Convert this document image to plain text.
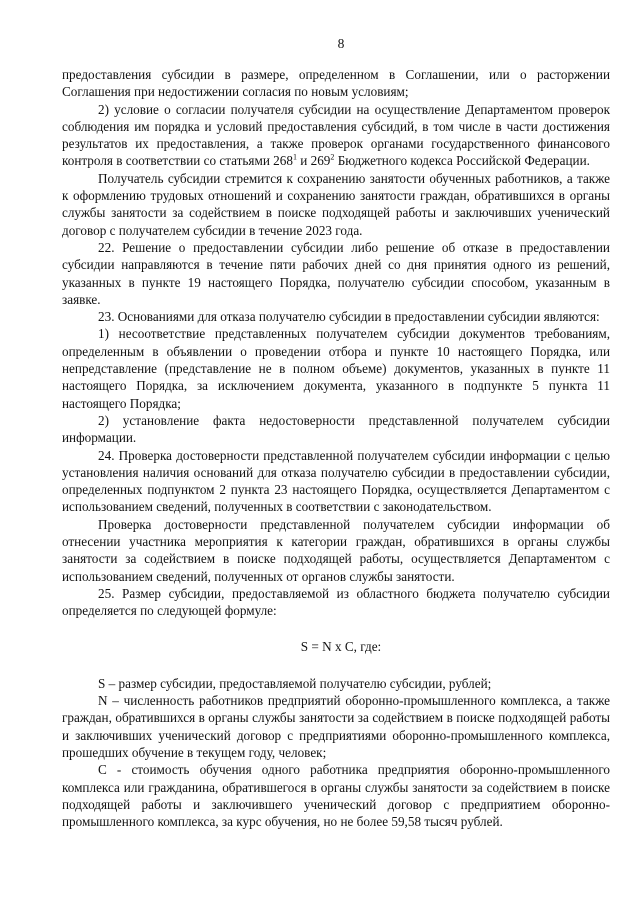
8

предоставления субсидии в размере, определенном в Соглашении, или о расторжении Соглашения при недостижении согласия по новым условиям;

2) условие о согласии получателя субсидии на осуществление Департаментом проверок соблюдения им порядка и условий предоставления субсидий, в том числе в части достижения результатов их предоставления, а также проверок органами государственного финансового контроля в соответствии со статьями $268^1$ и $269^2$ Бюджетного кодекса Российской Федерации.

Получатель субсидии стремится к сохранению занятости обученных работников, а также к оформлению трудовых отношений и сохранению занятости граждан, обратившихся в органы службы занятости за содействием в поиске подходящей работы и заключивших ученический договор с получателем субсидии в течение 2023 года.

22. Решение о предоставлении субсидии либо решение об отказе в предоставлении субсидии направляются в течение пяти рабочих дней со дня принятия одного из решений, указанных в пункте 19 настоящего Порядка, получателю субсидии способом, указанным в заявке.

23. Основаниями для отказа получателю субсидии в предоставлении субсидии являются:

1) несоответствие представленных получателем субсидии документов требованиям, определенным в объявлении о проведении отбора и пункте 10 настоящего Порядка, или непредставление (представление не в полном объеме) документов, указанных в пункте 11 настоящего Порядка, за исключением документа, указанного в подпункте 5 пункта 11 настоящего Порядка;

2) установление факта недостоверности представленной получателем субсидии информации.

24. Проверка достоверности представленной получателем субсидии информации с целью установления наличия оснований для отказа получателю субсидии в предоставлении субсидии, определенных подпунктом 2 пункта 23 настоящего Порядка, осуществляется Департаментом с использованием сведений, полученных в соответствии с законодательством.

Проверка достоверности представленной получателем субсидии информации об отнесении участника мероприятия к категории граждан, обратившихся в органы службы занятости за содействием в поиске подходящей работы, осуществляется Департаментом с использованием сведений, полученных от органов службы занятости.

25. Размер субсидии, предоставляемой из областного бюджета получателю субсидии определяется по следующей формуле:

S = N x C, где:

S – размер субсидии, предоставляемой получателю субсидии, рублей;

N – численность работников предприятий оборонно-промышленного комплекса, а также граждан, обратившихся в органы службы занятости за содействием в поиске подходящей работы и заключивших ученический договор с предприятиями оборонно-промышленного комплекса, прошедших обучение в текущем году, человек;

С - стоимость обучения одного работника предприятия оборонно-промышленного комплекса или гражданина, обратившегося в органы службы занятости за содействием в поиске подходящей работы и заключившего ученический договор с предприятием оборонно-промышленного комплекса, за курс обучения, но не более 59,58 тысяч рублей.
